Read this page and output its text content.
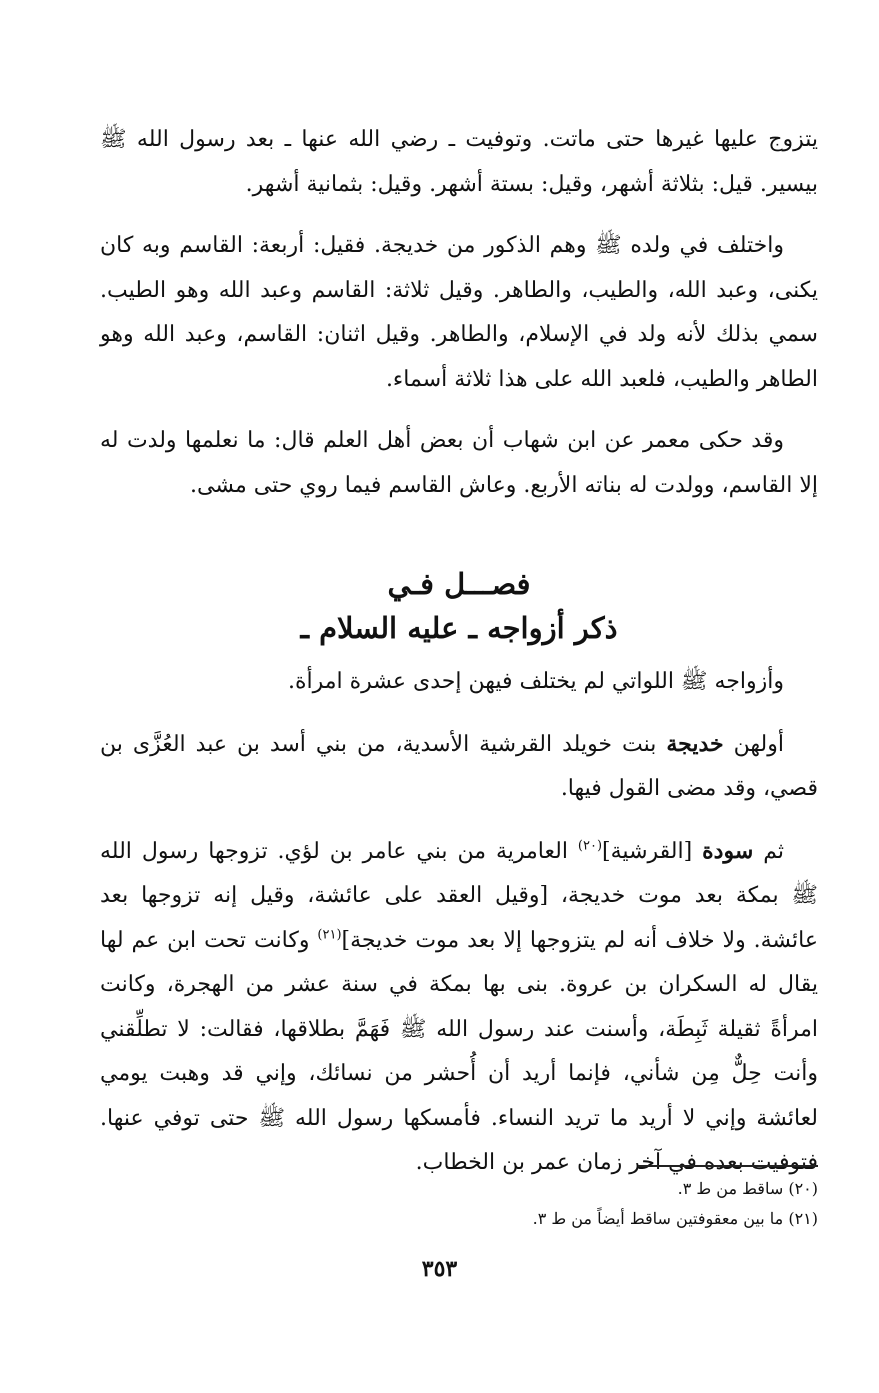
يتزوج عليها غيرها حتى ماتت. وتوفيت ـ رضي الله عنها ـ بعد رسول الله ﷺ بيسير. قيل: بثلاثة أشهر، وقيل: بستة أشهر. وقيل: بثمانية أشهر.

واختلف في ولده ﷺ وهم الذكور من خديجة. فقيل: أربعة: القاسم وبه كان يكنى، وعبد الله، والطيب، والطاهر. وقيل ثلاثة: القاسم وعبد الله وهو الطيب. سمي بذلك لأنه ولد في الإسلام، والطاهر. وقيل اثنان: القاسم، وعبد الله وهو الطاهر والطيب، فلعبد الله على هذا ثلاثة أسماء.

وقد حكى معمر عن ابن شهاب أن بعض أهل العلم قال: ما نعلمها ولدت له إلا القاسم، وولدت له بناته الأربع. وعاش القاسم فيما روي حتى مشى.

فصـــل فـي
ذكر أزواجه ـ عليه السلام ـ

وأزواجه ﷺ اللواتي لم يختلف فيهن إحدى عشرة امرأة.

أولهن خديجة بنت خويلد القرشية الأسدية، من بني أسد بن عبد العُزَّى بن قصي، وقد مضى القول فيها.

ثم سودة [القرشية]$^{(٢٠)}$ العامرية من بني عامر بن لؤي. تزوجها رسول الله ﷺ بمكة بعد موت خديجة، [وقيل العقد على عائشة، وقيل إنه تزوجها بعد عائشة. ولا خلاف أنه لم يتزوجها إلا بعد موت خديجة]$^{(٢١)}$ وكانت تحت ابن عم لها يقال له السكران بن عروة. بنى بها بمكة في سنة عشر من الهجرة، وكانت امرأةً ثقيلة ثَبِطَة، وأسنت عند رسول الله ﷺ فَهَمَّ بطلاقها، فقالت: لا تطلِّقني وأنت حِلٌّ مِن شأني، فإنما أريد أن أُحشر من نسائك، وإني قد وهبت يومي لعائشة وإني لا أريد ما تريد النساء. فأمسكها رسول الله ﷺ حتى توفي عنها. فتوفيت بعده في آخر زمان عمر بن الخطاب.

(٢٠) ساقط من ط ٣.

(٢١) ما بين معقوفتين ساقط أيضاً من ط ٣.

٣٥٣
